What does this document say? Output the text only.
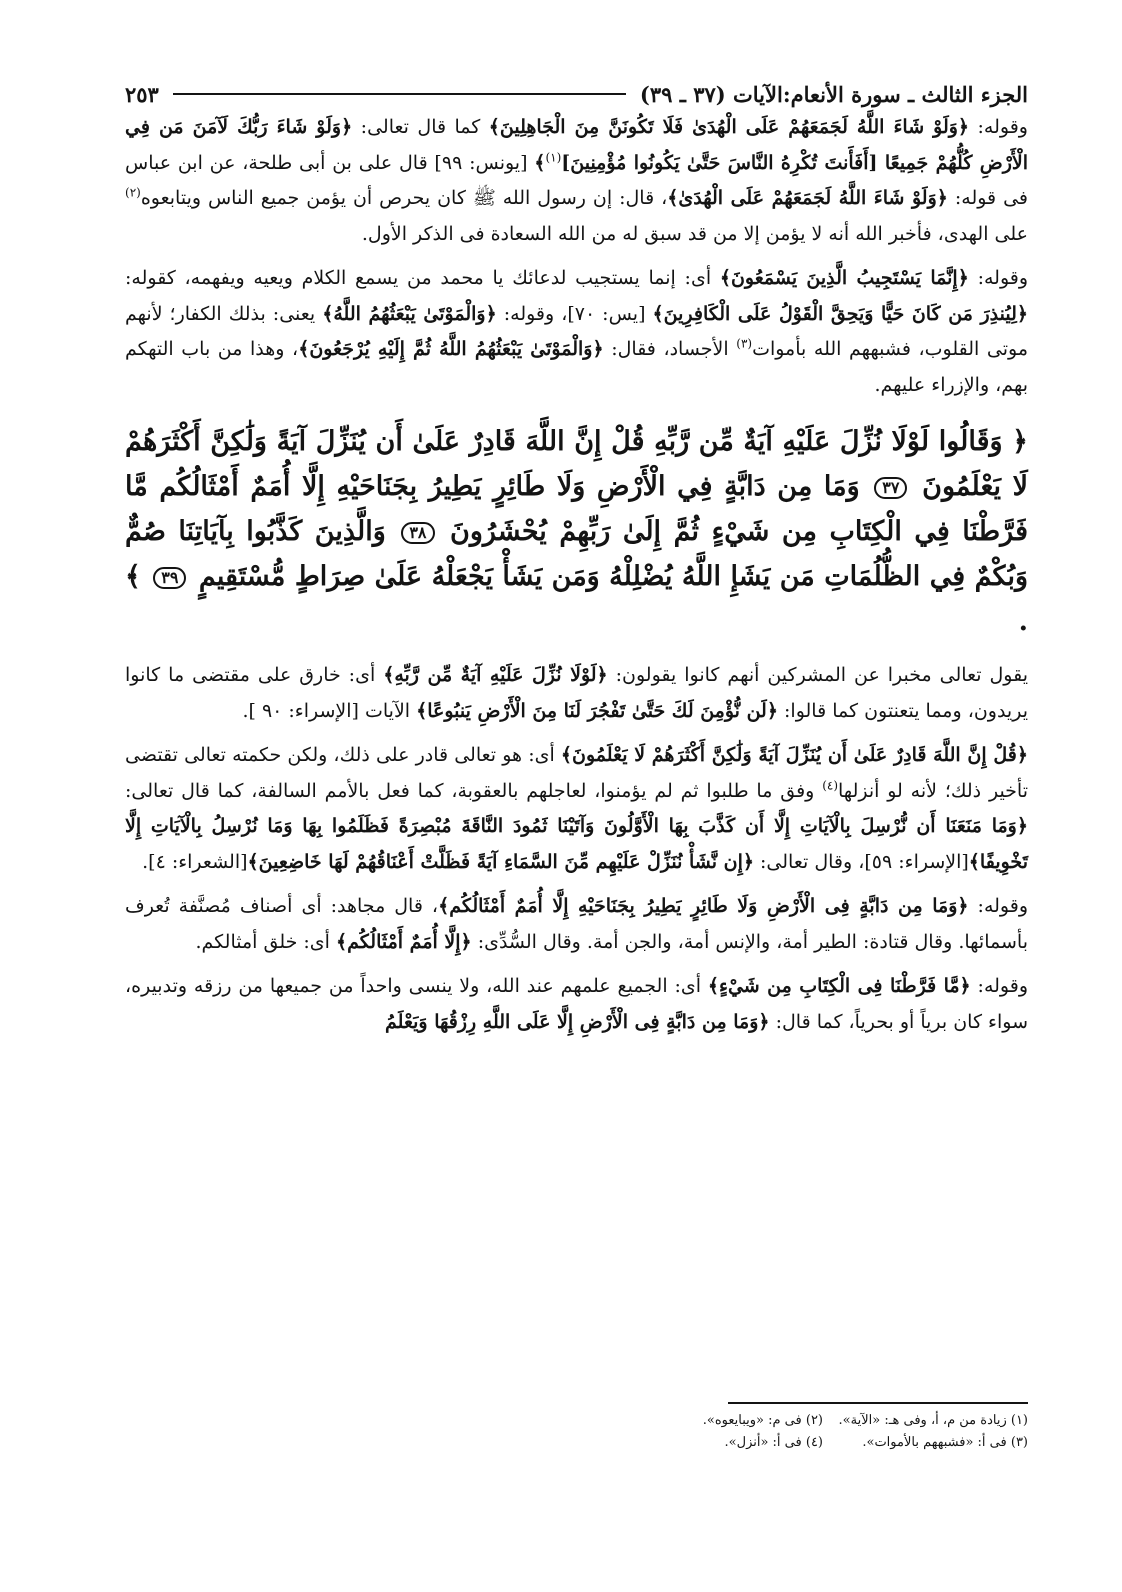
الجزء الثالث ـ سورة الأنعام:الآيات (٣٧ ـ ٣٩)
٢٥٣

وقوله: ﴿وَلَوْ شَاءَ اللَّهُ لَجَمَعَهُمْ عَلَى الْهُدَىٰ فَلَا تَكُونَنَّ مِنَ الْجَاهِلِينَ﴾ كما قال تعالى: ﴿وَلَوْ شَاءَ رَبُّكَ لَآمَنَ مَن فِي الْأَرْضِ كُلُّهُمْ جَمِيعًا [أَفَأَنتَ تُكْرِهُ النَّاسَ حَتَّىٰ يَكُونُوا مُؤْمِنِينَ]$^{(١)}$﴾ [يونس: ٩٩] قال على بن أبى طلحة، عن ابن عباس فى قوله: ﴿وَلَوْ شَاءَ اللَّهُ لَجَمَعَهُمْ عَلَى الْهُدَىٰ﴾، قال: إن رسول الله ﷺ كان يحرص أن يؤمن جميع الناس ويتابعوه$^{(٢)}$ على الهدى، فأخبر الله أنه لا يؤمن إلا من قد سبق له من الله السعادة فى الذكر الأول.

وقوله: ﴿إِنَّمَا يَسْتَجِيبُ الَّذِينَ يَسْمَعُونَ﴾ أى: إنما يستجيب لدعائك يا محمد من يسمع الكلام ويعيه ويفهمه، كقوله: ﴿لِيُنذِرَ مَن كَانَ حَيًّا وَيَحِقَّ الْقَوْلُ عَلَى الْكَافِرِينَ﴾ [يس: ٧٠]، وقوله: ﴿وَالْمَوْتَىٰ يَبْعَثُهُمُ اللَّهُ﴾ يعنى: بذلك الكفار؛ لأنهم موتى القلوب، فشبههم الله بأموات$^{(٣)}$ الأجساد، فقال: ﴿وَالْمَوْتَىٰ يَبْعَثُهُمُ اللَّهُ ثُمَّ إِلَيْهِ يُرْجَعُونَ﴾، وهذا من باب التهكم بهم، والإزراء عليهم.

﴿ وَقَالُوا لَوْلَا نُزِّلَ عَلَيْهِ آيَةٌ مِّن رَّبِّهِ قُلْ إِنَّ اللَّهَ قَادِرٌ عَلَىٰ أَن يُنَزِّلَ آيَةً وَلَٰكِنَّ أَكْثَرَهُمْ لَا يَعْلَمُونَ ٣٧ وَمَا مِن دَابَّةٍ فِي الْأَرْضِ وَلَا طَائِرٍ يَطِيرُ بِجَنَاحَيْهِ إِلَّا أُمَمٌ أَمْثَالُكُم مَّا فَرَّطْنَا فِي الْكِتَابِ مِن شَيْءٍ ثُمَّ إِلَىٰ رَبِّهِمْ يُحْشَرُونَ ٣٨ وَالَّذِينَ كَذَّبُوا بِآيَاتِنَا صُمٌّ وَبُكْمٌ فِي الظُّلُمَاتِ مَن يَشَإِ اللَّهُ يُضْلِلْهُ وَمَن يَشَأْ يَجْعَلْهُ عَلَىٰ صِرَاطٍ مُّسْتَقِيمٍ ٣٩ ﴾ .

يقول تعالى مخبرا عن المشركين أنهم كانوا يقولون: ﴿لَوْلَا نُزِّلَ عَلَيْهِ آيَةٌ مِّن رَّبِّهِ﴾ أى: خارق على مقتضى ما كانوا يريدون، ومما يتعنتون كما قالوا: ﴿لَن نُّؤْمِنَ لَكَ حَتَّىٰ تَفْجُرَ لَنَا مِنَ الْأَرْضِ يَنبُوعًا﴾ الآيات [الإسراء: ٩٠ ].

﴿قُلْ إِنَّ اللَّهَ قَادِرٌ عَلَىٰ أَن يُنَزِّلَ آيَةً وَلَٰكِنَّ أَكْثَرَهُمْ لَا يَعْلَمُونَ﴾ أى: هو تعالى قادر على ذلك، ولكن حكمته تعالى تقتضى تأخير ذلك؛ لأنه لو أنزلها$^{(٤)}$ وفق ما طلبوا ثم لم يؤمنوا، لعاجلهم بالعقوبة، كما فعل بالأمم السالفة، كما قال تعالى: ﴿وَمَا مَنَعَنَا أَن نُّرْسِلَ بِالْآيَاتِ إِلَّا أَن كَذَّبَ بِهَا الْأَوَّلُونَ وَآتَيْنَا ثَمُودَ النَّاقَةَ مُبْصِرَةً فَظَلَمُوا بِهَا وَمَا نُرْسِلُ بِالْآيَاتِ إِلَّا تَخْوِيفًا﴾[الإسراء: ٥٩]، وقال تعالى: ﴿إِن نَّشَأْ نُنَزِّلْ عَلَيْهِم مِّنَ السَّمَاءِ آيَةً فَظَلَّتْ أَعْنَاقُهُمْ لَهَا خَاضِعِينَ﴾[الشعراء: ٤].

وقوله: ﴿وَمَا مِن دَابَّةٍ فِى الْأَرْضِ وَلَا طَائِرٍ يَطِيرُ بِجَنَاحَيْهِ إِلَّا أُمَمٌ أَمْثَالُكُم﴾، قال مجاهد: أى أصناف مُصنَّفة تُعرف بأسمائها. وقال قتادة: الطير أمة، والإنس أمة، والجن أمة. وقال السُّدِّى: ﴿إِلَّا أُمَمٌ أَمْثَالُكُم﴾ أى: خلق أمثالكم.

وقوله: ﴿مَّا فَرَّطْنَا فِى الْكِتَابِ مِن شَيْءٍ﴾ أى: الجميع علمهم عند الله، ولا ينسى واحداً من جميعها من رزقه وتدبيره، سواء كان برياً أو بحرياً، كما قال: ﴿وَمَا مِن دَابَّةٍ فِى الْأَرْضِ إِلَّا عَلَى اللَّهِ رِزْقُهَا وَيَعْلَمُ

(١) زيادة من م، أ، وفى هـ: «الآية».
(٢) فى م: «ويبايعوه».
(٣) فى أ: «فشبههم بالأموات».
(٤) فى أ: «أنزل».
